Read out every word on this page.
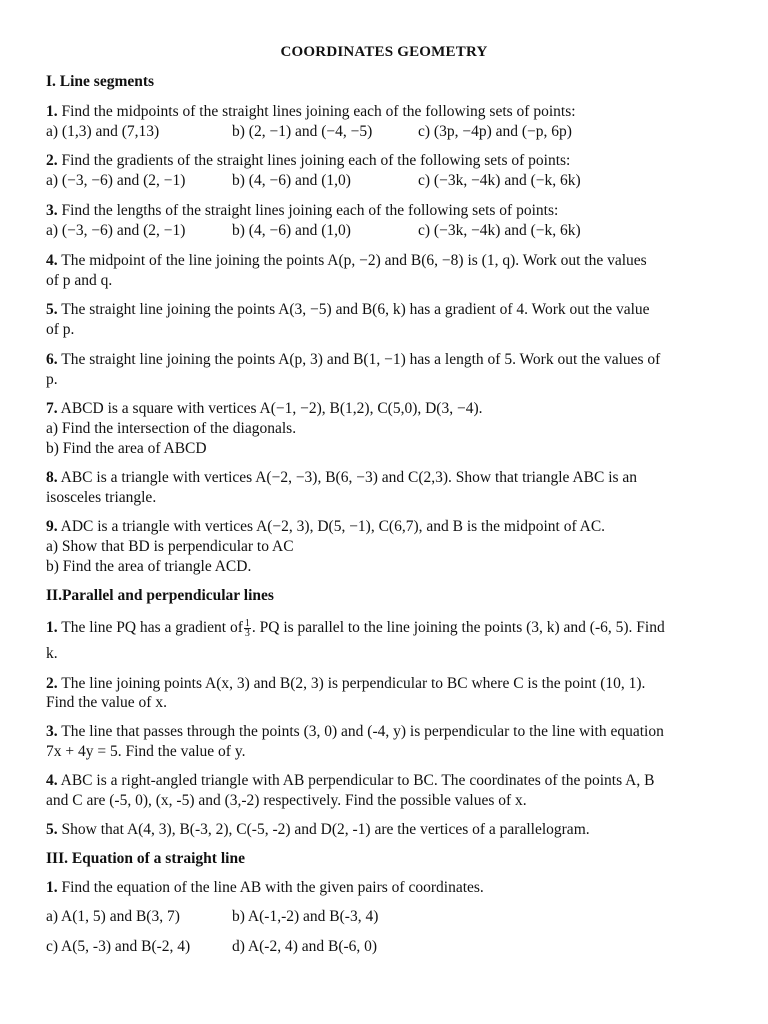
COORDINATES GEOMETRY
I. Line segments
1. Find the midpoints of the straight lines joining each of the following sets of points:
a) (1,3) and (7,13)	b) (2, −1) and (−4, −5)	c) (3p, −4p) and (−p, 6p)
2. Find the gradients of the straight lines joining each of the following sets of points:
a) (−3, −6) and (2, −1)	b) (4, −6) and (1,0)	c) (−3k, −4k) and (−k, 6k)
3. Find the lengths of the straight lines joining each of the following sets of points:
a) (−3, −6) and (2, −1)	b) (4, −6) and (1,0)	c) (−3k, −4k) and (−k, 6k)
4. The midpoint of the line joining the points A(p, −2) and B(6, −8) is (1, q). Work out the values
of p and q.
5. The straight line joining the points A(3, −5) and B(6, k) has a gradient of 4. Work out the value
of p.
6. The straight line joining the points A(p, 3) and B(1, −1) has a length of 5. Work out the values of
p.
7. ABCD is a square with vertices A(−1, −2), B(1,2), C(5,0), D(3, −4).
a) Find the intersection of the diagonals.
b) Find the area of ABCD
8. ABC is a triangle with vertices A(−2, −3), B(6, −3) and C(2,3). Show that triangle ABC is an
isosceles triangle.
9. ADC is a triangle with vertices A(−2, 3), D(5, −1), C(6,7), and B is the midpoint of AC.
a) Show that BD is perpendicular to AC
b) Find the area of triangle ACD.
II.Parallel and perpendicular lines
1. The line PQ has a gradient of $\frac{1}{3}$ . PQ is parallel to the line joining the points (3, k) and (-6, 5). Find
k.
2. The line joining points A(x, 3) and B(2, 3) is perpendicular to BC where C is the point (10, 1).
Find the value of x.
3. The line that passes through the points (3, 0) and (-4, y) is perpendicular to the line with equation
7x + 4y = 5. Find the value of y.
4. ABC is a right-angled triangle with AB perpendicular to BC. The coordinates of the points A, B
and C are (-5, 0), (x, -5) and (3,-2) respectively. Find the possible values of x.
5. Show that A(4, 3), B(-3, 2), C(-5, -2) and D(2, -1) are the vertices of a parallelogram.
III. Equation of a straight line
1. Find the equation of the line AB with the given pairs of coordinates.
a) A(1, 5) and B(3, 7)	b) A(-1,-2) and B(-3, 4)
c) A(5, -3) and B(-2, 4)	d) A(-2, 4) and B(-6, 0)
